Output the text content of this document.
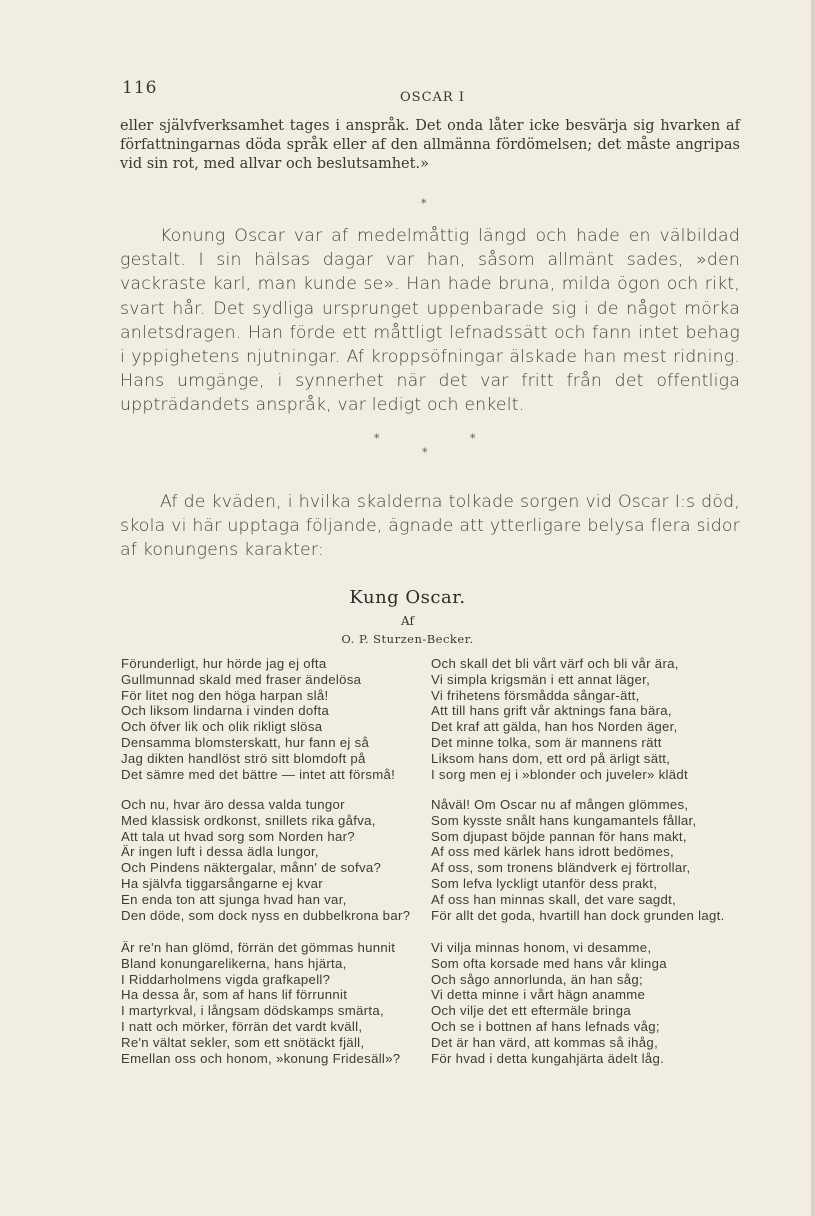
116	OSCAR I

eller självfverksamhet tages i anspråk. Det onda låter icke besvärja sig hvarken af författningarnas döda språk eller af den allmänna fördömelsen; det måste angripas vid sin rot, med allvar och beslutsamhet.»

*

Konung Oscar var af medelmåttig längd och hade en välbildad gestalt. I sin hälsas dagar var han, såsom allmänt sades, »den vackraste karl, man kunde se». Han hade bruna, milda ögon och rikt, svart hår. Det sydliga ursprunget uppenbarade sig i de något mörka anletsdragen. Han förde ett måttligt lefnadssätt och fann intet behag i yppighetens njutningar. Af kroppsöfningar älskade han mest ridning. Hans umgänge, i synnerhet när det var fritt från det offentliga uppträdandets anspråk, var ledigt och enkelt.

*	*
*

Af de kväden, i hvilka skalderna tolkade sorgen vid Oscar I:s död, skola vi här upptaga följande, ägnade att ytterligare belysa flera sidor af konungens karakter:

Kung Oscar.
Af
O. P. Sturzen-Becker.
Förunderligt, hur hörde jag ej ofta
Gullmunnad skald med fraser ändelösa
För litet nog den höga harpan slå!
Och liksom lindarna i vinden dofta
Och öfver lik och olik rikligt slösa
Densamma blomsterskatt, hur fann ej så
Jag dikten handlöst strö sitt blomdoft på
Det sämre med det bättre — intet att försmå!
Och skall det bli vårt värf och bli vår ära,
Vi simpla krigsmän i ett annat läger,
Vi frihetens försmådda sångar-ätt,
Att till hans grift vår aktnings fana bära,
Det kraf att gälda, han hos Norden äger,
Det minne tolka, som är mannens rätt
Liksom hans dom, ett ord på ärligt sätt,
I sorg men ej i »blonder och juveler» klädt
Och nu, hvar äro dessa valda tungor
Med klassisk ordkonst, snillets rika gåfva,
Att tala ut hvad sorg som Norden har?
Är ingen luft i dessa ädla lungor,
Och Pindens näktergalar, månn' de sofva?
Ha självfa tiggarsångarne ej kvar
En enda ton att sjunga hvad han var,
Den döde, som dock nyss en dubbelkrona bar?
Nåväl! Om Oscar nu af mången glömmes,
Som kysste snålt hans kungamantels fållar,
Som djupast böjde pannan för hans makt,
Af oss med kärlek hans idrott bedömes,
Af oss, som tronens bländverk ej förtrollar,
Som lefva lyckligt utanför dess prakt,
Af oss han minnas skall, det vare sagdt,
För allt det goda, hvartill han dock grunden lagt.
Är re'n han glömd, förrän det gömmas hunnit
Bland konungarelikerna, hans hjärta,
I Riddarholmens vigda grafkapell?
Ha dessa år, som af hans lif förrunnit
I martyrkval, i långsam dödskamps smärta,
I natt och mörker, förrän det vardt kväll,
Re'n vältat sekler, som ett snötäckt fjäll,
Emellan oss och honom, »konung Fridesäll»?
Vi vilja minnas honom, vi desamme,
Som ofta korsade med hans vår klinga
Och sågo annorlunda, än han såg;
Vi detta minne i vårt hägn anamme
Och vilje det ett eftermäle bringa
Och se i bottnen af hans lefnads våg;
Det är han värd, att kommas så ihåg,
För hvad i detta kungahjärta ädelt låg.
